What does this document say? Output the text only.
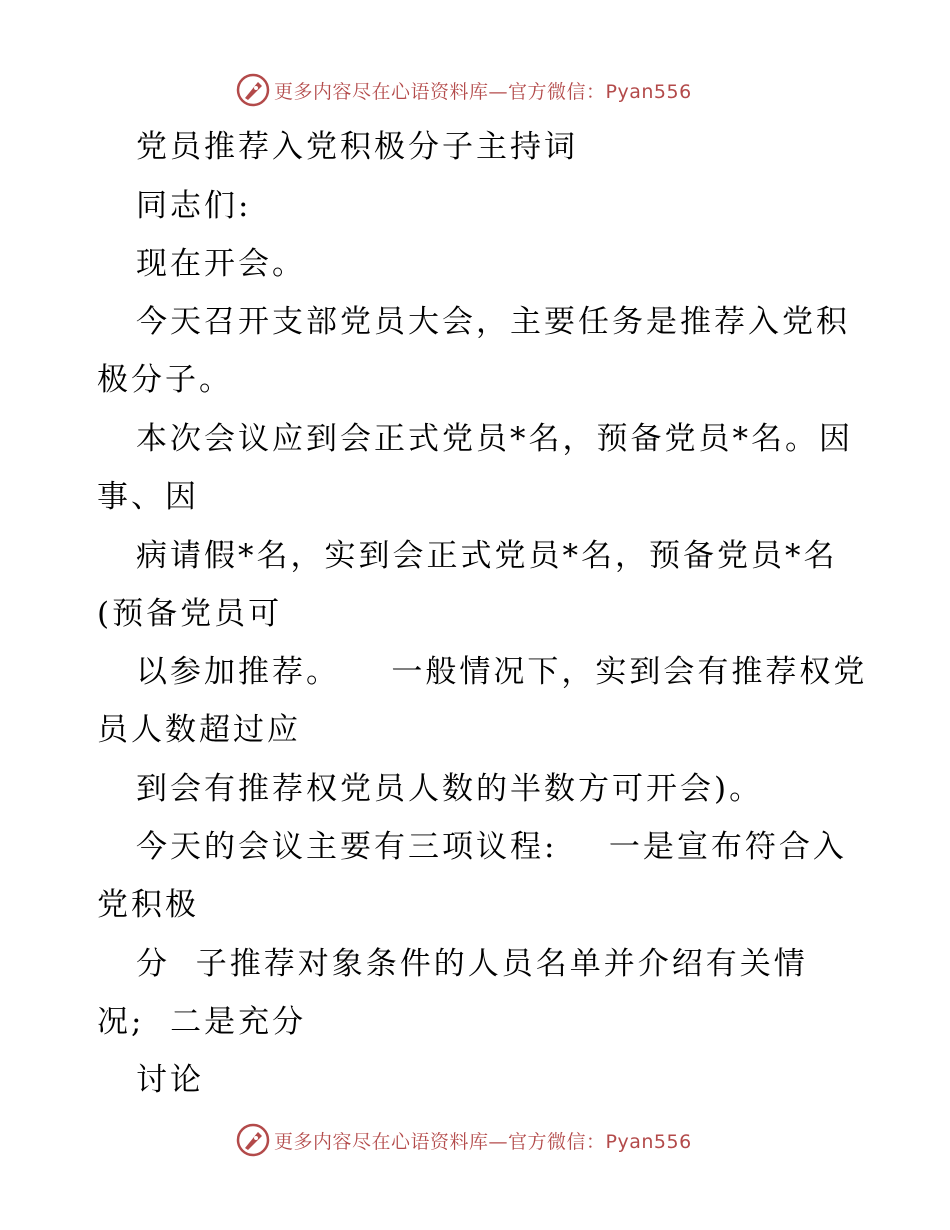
更多内容尽在心语资料库—官方微信：Pyan556
党员推荐入党积极分子主持词
同志们:
现在开会。
今天召开支部党员大会，主要任务是推荐入党积
极分子。
本次会议应到会正式党员*名，预备党员*名。因
事、因
病请假*名，实到会正式党员*名，预备党员*名
(预备党员可
以参加推荐。    一般情况下，实到会有推荐权党
员人数超过应
到会有推荐权党员人数的半数方可开会)。
今天的会议主要有三项议程:    一是宣布符合入
党积极
分  子推荐对象条件的人员名单并介绍有关情
况;  二是充分
讨论
更多内容尽在心语资料库—官方微信：Pyan556
